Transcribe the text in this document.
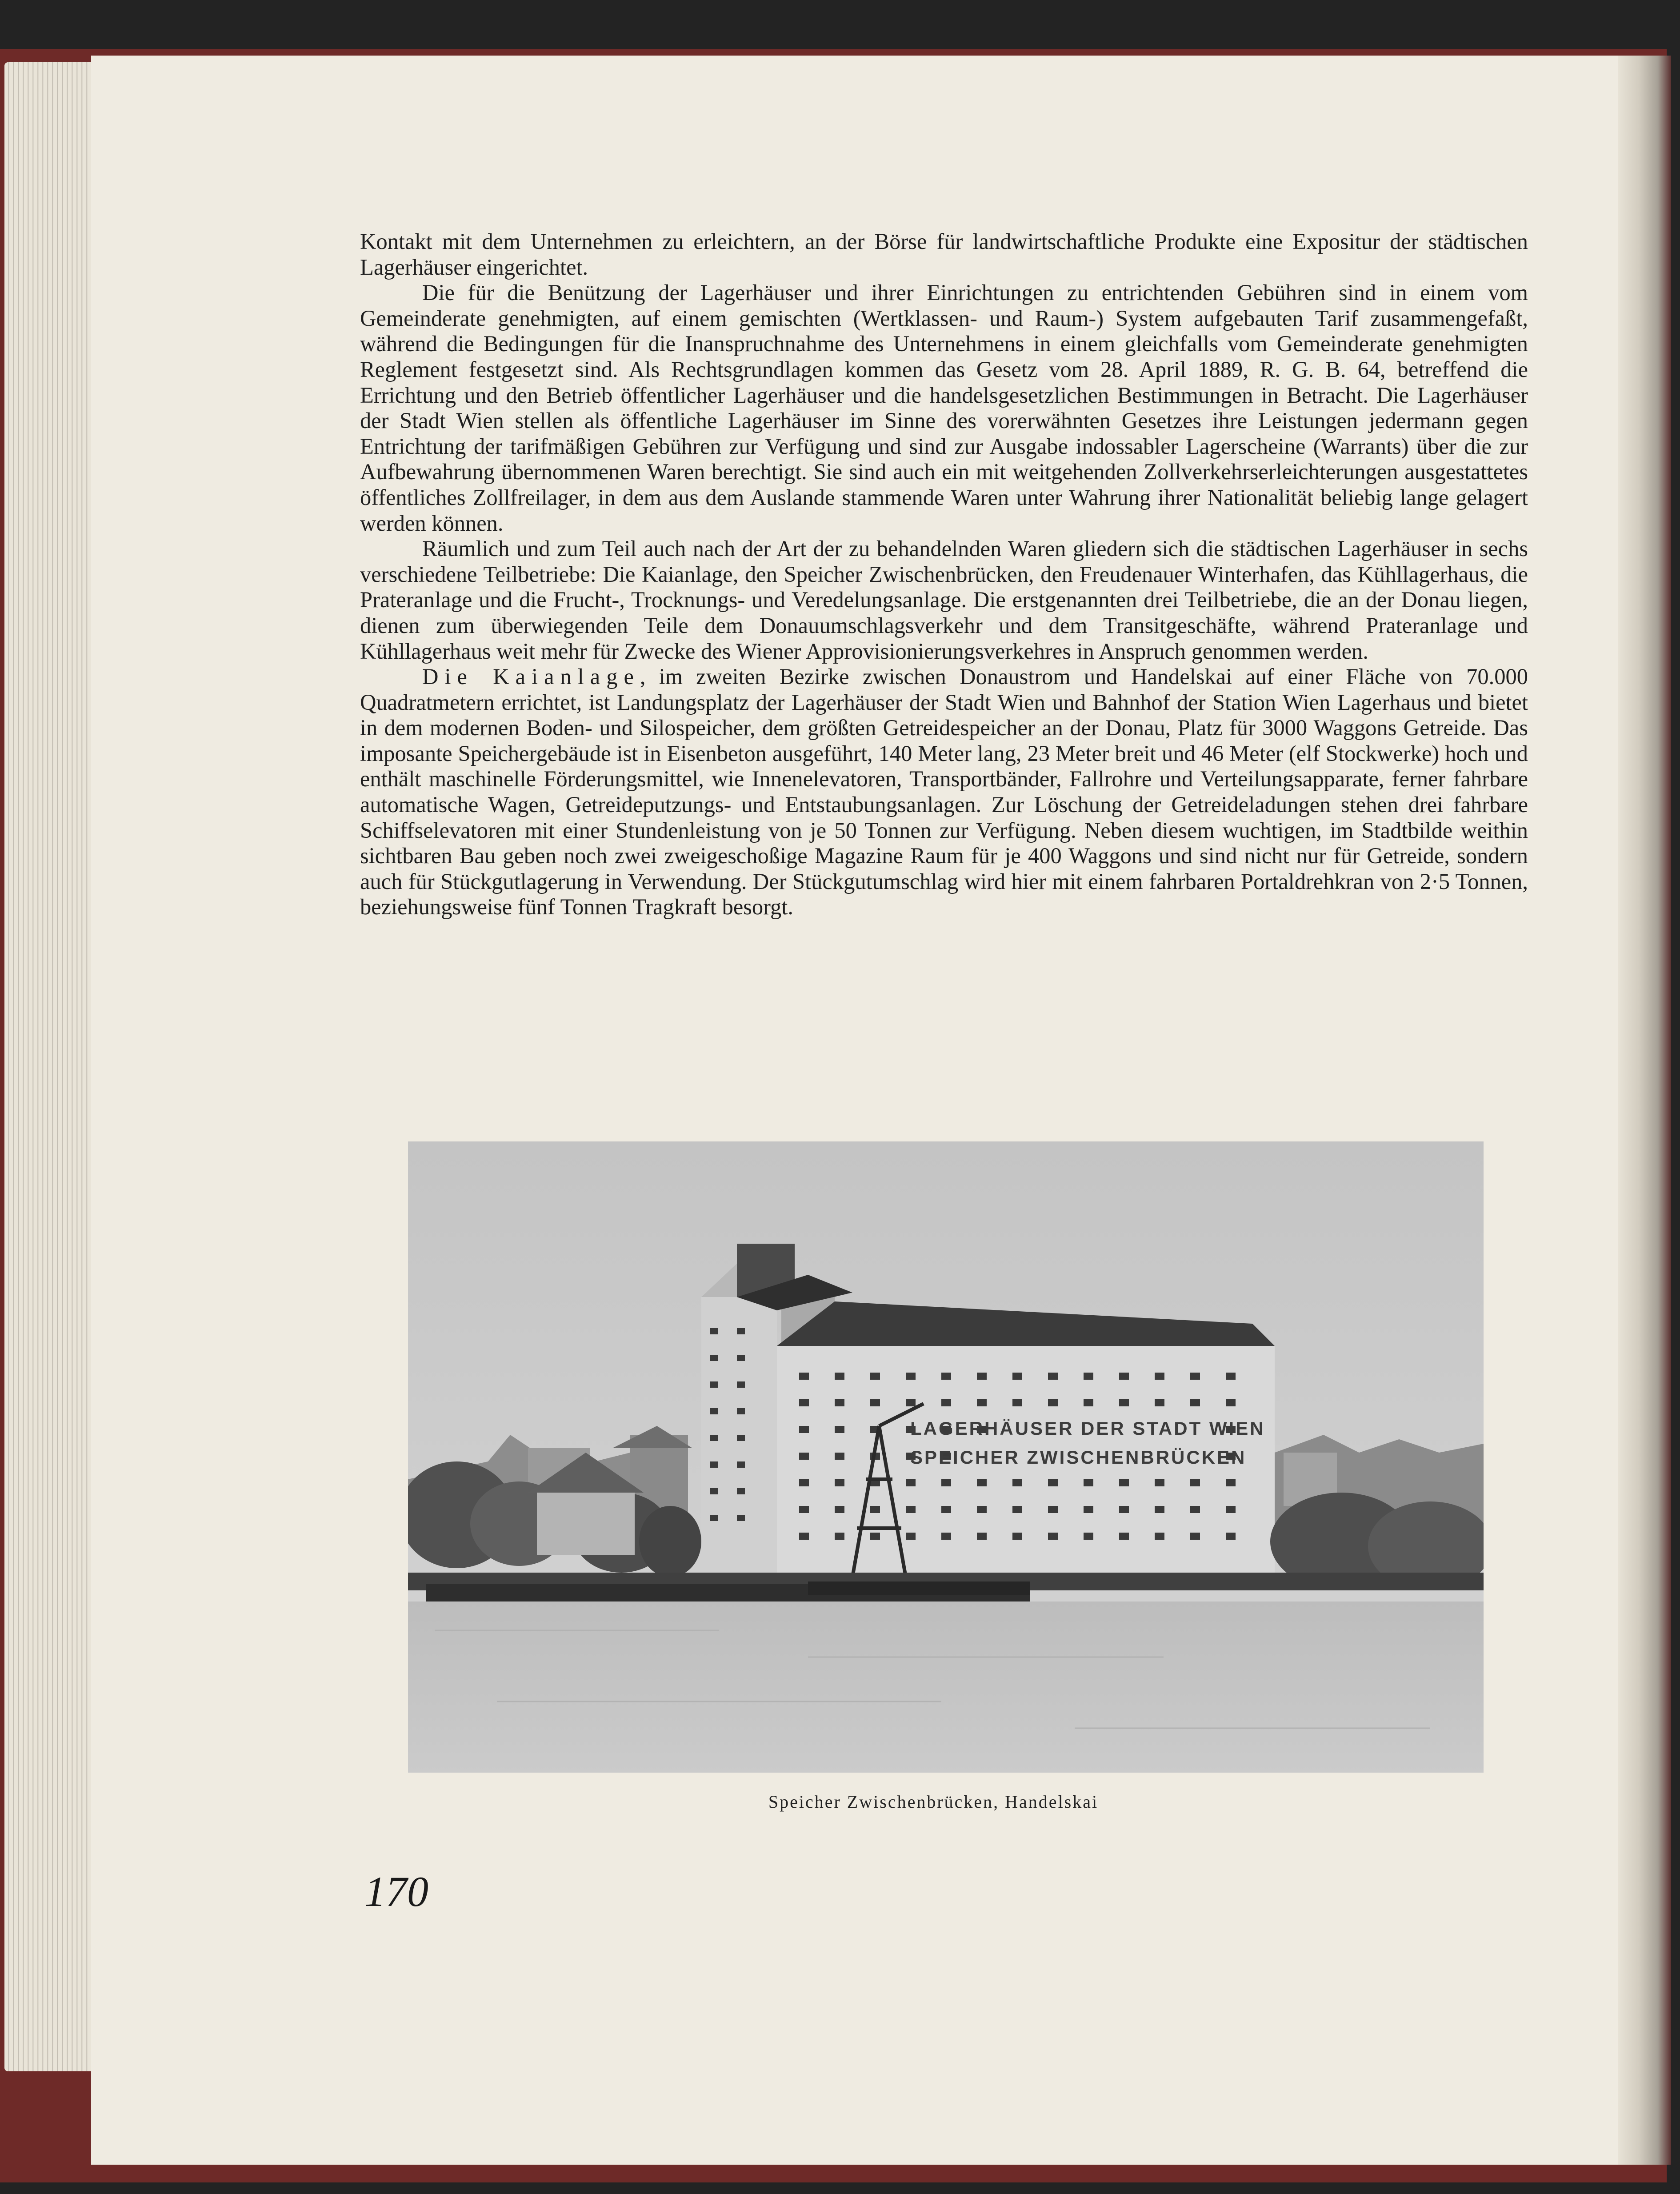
Kontakt mit dem Unternehmen zu erleichtern, an der Börse für landwirtschaftliche Produkte eine Expositur der städtischen Lagerhäuser eingerichtet.

Die für die Benützung der Lagerhäuser und ihrer Einrichtungen zu entrichtenden Gebühren sind in einem vom Gemeinderate genehmigten, auf einem gemischten (Wertklassen- und Raum-) System aufgebauten Tarif zusammengefaßt, während die Bedingungen für die Inanspruchnahme des Unternehmens in einem gleichfalls vom Gemeinderate genehmigten Reglement festgesetzt sind. Als Rechtsgrundlagen kommen das Gesetz vom 28. April 1889, R. G. B. 64, betreffend die Errichtung und den Betrieb öffentlicher Lagerhäuser und die handelsgesetzlichen Bestimmungen in Betracht. Die Lagerhäuser der Stadt Wien stellen als öffentliche Lagerhäuser im Sinne des vorerwähnten Gesetzes ihre Leistungen jedermann gegen Entrichtung der tarifmäßigen Gebühren zur Verfügung und sind zur Ausgabe indossabler Lagerscheine (Warrants) über die zur Aufbewahrung übernommenen Waren berechtigt. Sie sind auch ein mit weitgehenden Zollverkehrserleichterungen ausgestattetes öffentliches Zollfreilager, in dem aus dem Auslande stammende Waren unter Wahrung ihrer Nationalität beliebig lange gelagert werden können.

Räumlich und zum Teil auch nach der Art der zu behandelnden Waren gliedern sich die städtischen Lagerhäuser in sechs verschiedene Teilbetriebe: Die Kaianlage, den Speicher Zwischenbrücken, den Freudenauer Winterhafen, das Kühllagerhaus, die Prateranlage und die Frucht-, Trocknungs- und Veredelungsanlage. Die erstgenannten drei Teilbetriebe, die an der Donau liegen, dienen zum überwiegenden Teile dem Donauumschlagsverkehr und dem Transitgeschäfte, während Prateranlage und Kühllagerhaus weit mehr für Zwecke des Wiener Approvisionierungsverkehres in Anspruch genommen werden.

Die Kaianlage, im zweiten Bezirke zwischen Donaustrom und Handelskai auf einer Fläche von 70.000 Quadratmetern errichtet, ist Landungsplatz der Lagerhäuser der Stadt Wien und Bahnhof der Station Wien Lagerhaus und bietet in dem modernen Boden- und Silospeicher, dem größten Getreidespeicher an der Donau, Platz für 3000 Waggons Getreide. Das imposante Speichergebäude ist in Eisenbeton ausgeführt, 140 Meter lang, 23 Meter breit und 46 Meter (elf Stockwerke) hoch und enthält maschinelle Förderungsmittel, wie Innenelevatoren, Transportbänder, Fallrohre und Verteilungsapparate, ferner fahrbare automatische Wagen, Getreideputzungs- und Entstaubungsanlagen. Zur Löschung der Getreideladungen stehen drei fahrbare Schiffselevatoren mit einer Stundenleistung von je 50 Tonnen zur Verfügung. Neben diesem wuchtigen, im Stadtbilde weithin sichtbaren Bau geben noch zwei zweigeschoßige Magazine Raum für je 400 Waggons und sind nicht nur für Getreide, sondern auch für Stückgutlagerung in Verwendung. Der Stückgutumschlag wird hier mit einem fahrbaren Portaldrehkran von 2·5 Tonnen, beziehungsweise fünf Tonnen Tragkraft besorgt.

LAGERHÄUSER DER STADT WIEN
SPEICHER ZWISCHENBRÜCKEN
Speicher Zwischenbrücken, Handelskai
170
